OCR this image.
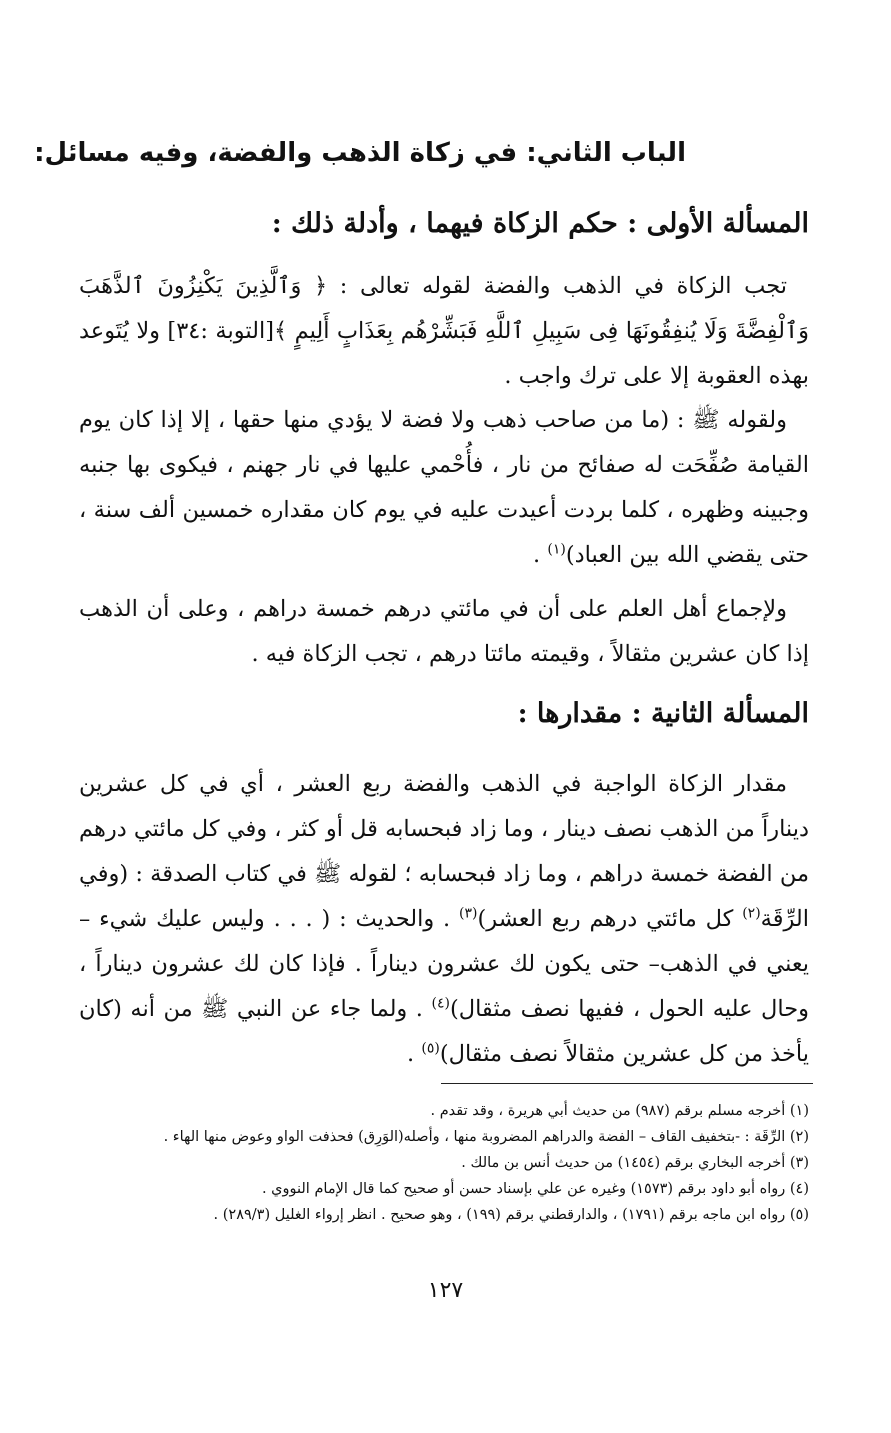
الباب الثاني: في زكاة الذهب والفضة، وفيه مسائل:
المسألة الأولى : حكم الزكاة فيهما ، وأدلة ذلك :
تجب الزكاة في الذهب والفضة لقوله تعالى : ﴿ وَٱلَّذِينَ يَكْنِزُونَ ٱلذَّهَبَ وَٱلْفِضَّةَ وَلَا يُنفِقُونَهَا فِى سَبِيلِ ٱللَّهِ فَبَشِّرْهُم بِعَذَابٍ أَلِيمٍ ﴾[التوبة :٣٤] ولا يُتَوعد بهذه العقوبة إلا على ترك واجب .
ولقوله ﷺ : (ما من صاحب ذهب ولا فضة لا يؤدي منها حقها ، إلا إذا كان يوم القيامة صُفِّحَت له صفائح من نار ، فأُحْمي عليها في نار جهنم ، فيكوى بها جنبه وجبينه وظهره ، كلما بردت أعيدت عليه في يوم كان مقداره خمسين ألف سنة ، حتى يقضي الله بين العباد)$^{(١)}$ .
ولإجماع أهل العلم على أن في مائتي درهم خمسة دراهم ، وعلى أن الذهب إذا كان عشرين مثقالاً ، وقيمته مائتا درهم ، تجب الزكاة فيه .
المسألة الثانية : مقدارها :
مقدار الزكاة الواجبة في الذهب والفضة ربع العشر ، أي في كل عشرين ديناراً من الذهب نصف دينار ، وما زاد فبحسابه قل أو كثر ، وفي كل مائتي درهم من الفضة خمسة دراهم ، وما زاد فبحسابه ؛ لقوله ﷺ في كتاب الصدقة : (وفي الرِّقَة$^{(٢)}$ كل مائتي درهم ربع العشر)$^{(٣)}$ . والحديث : ( . . . وليس عليك شيء – يعني في الذهب– حتى يكون لك عشرون ديناراً . فإذا كان لك عشرون ديناراً ، وحال عليه الحول ، ففيها نصف مثقال)$^{(٤)}$ . ولما جاء عن النبي ﷺ من أنه (كان يأخذ من كل عشرين مثقالاً نصف مثقال)$^{(٥)}$ .
(١) أخرجه مسلم برقم (٩٨٧) من حديث أبي هريرة ، وقد تقدم .
(٢) الرِّقَة : -بتخفيف القاف – الفضة والدراهم المضروبة منها ، وأصله(الوَرِق) فحذفت الواو وعوض منها الهاء .
(٣) أخرجه البخاري برقم (١٤٥٤) من حديث أنس بن مالك .
(٤) رواه أبو داود برقم (١٥٧٣) وغيره عن علي بإسناد حسن أو صحيح كما قال الإمام النووي .
(٥) رواه ابن ماجه برقم (١٧٩١) ، والدارقطني برقم (١٩٩) ، وهو صحيح . انظر إرواء الغليل (٢٨٩/٣) .
١٢٧
